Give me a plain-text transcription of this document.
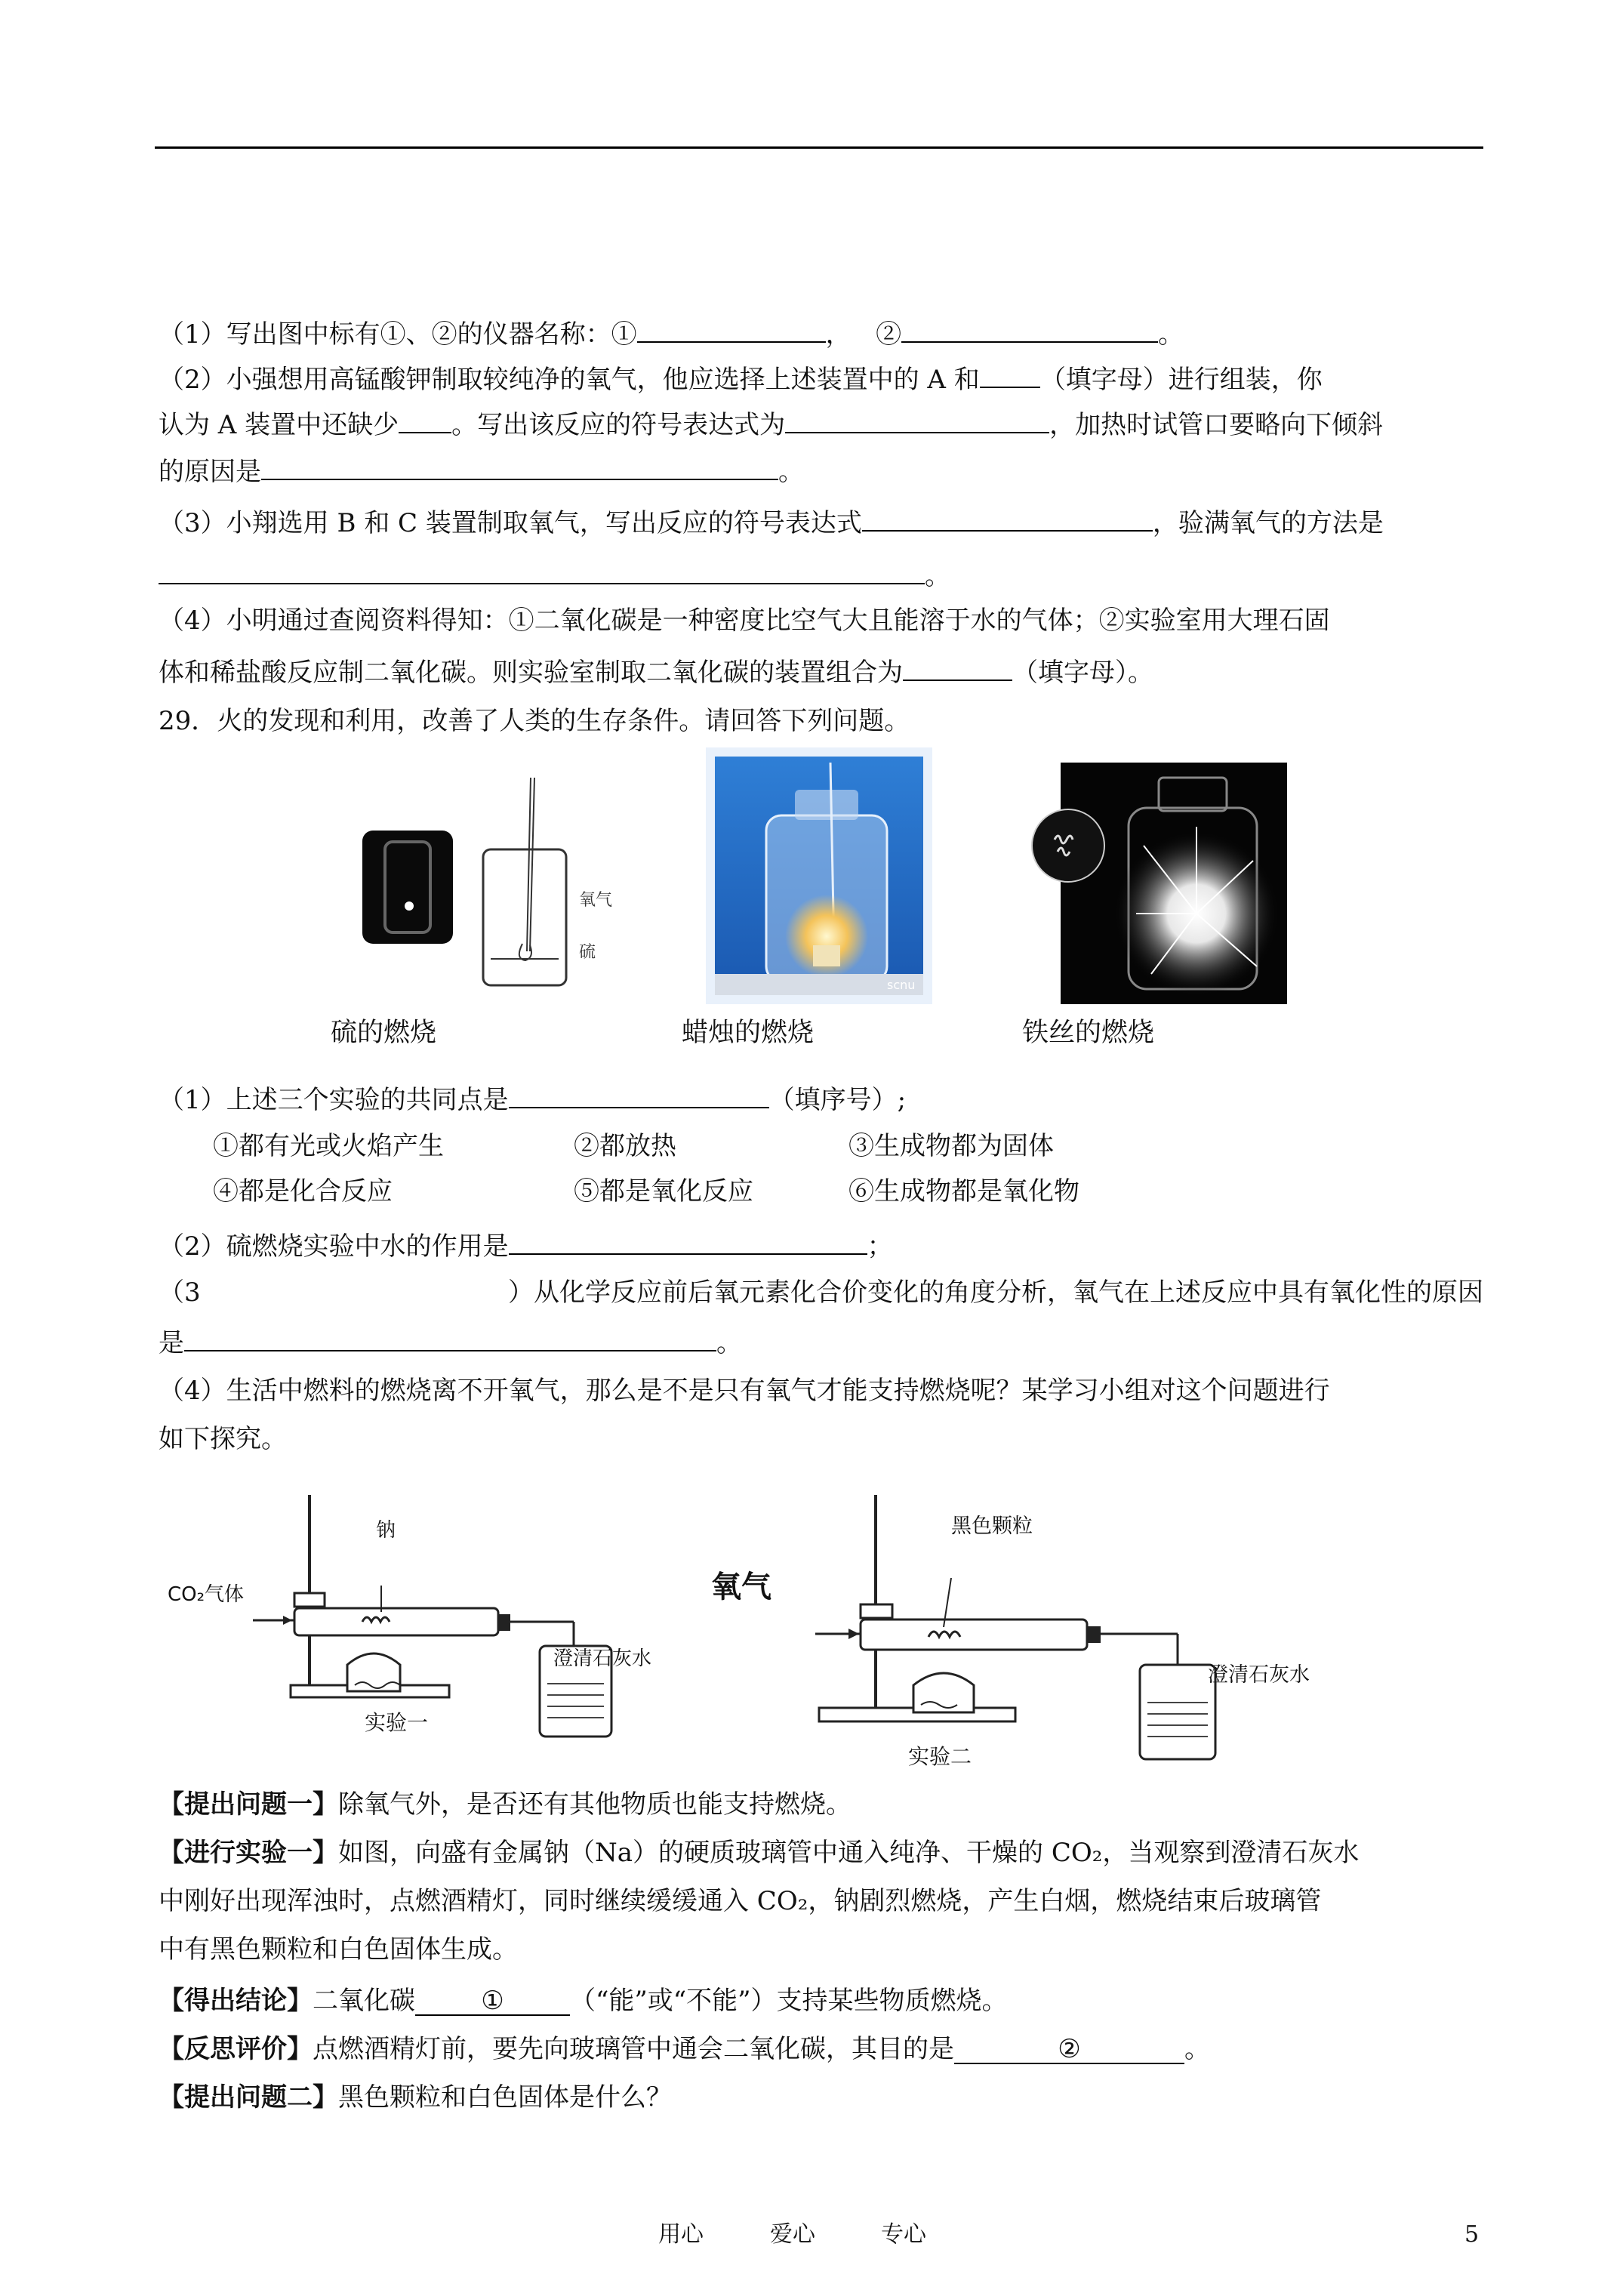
（1）写出图中标有①、②的仪器名称：①	， ②	。
（2）小强想用高锰酸钾制取较纯净的氧气，他应选择上述装置中的 A 和 （填字母）进行组装，你
认为 A 装置中还缺少 。写出该反应的符号表达式为	，加热时试管口要略向下倾斜
的原因是	。
（3）小翔选用 B 和 C 装置制取氧气，写出反应的符号表达式	，验满氧气的方法是
。
（4）小明通过查阅资料得知：①二氧化碳是一种密度比空气大且能溶于水的气体；②实验室用大理石固
体和稀盐酸反应制二氧化碳。则实验室制取二氧化碳的装置组合为	（填字母）。
29．火的发现和利用，改善了人类的生存条件。请回答下列问题。
氧气
硫
scnu
硫的燃烧	蜡烛的燃烧	铁丝的燃烧
（1）上述三个实验的共同点是	（填序号）;
①都有光或火焰产生	②都放热	③生成物都为固体
④都是化合反应	⑤都是氧化反应	⑥生成物都是氧化物
（2）硫燃烧实验中水的作用是	；
（3	）从化学反应前后氧元素化合价变化的角度分析，氧气在上述反应中具有氧化性的原因
是	。
（4）生活中燃料的燃烧离不开氧气，那么是不是只有氧气才能支持燃烧呢？某学习小组对这个问题进行
如下探究。
钠
CO₂气体
澄清石灰水
实验一
氧气
黑色颗粒
澄清石灰水
实验二
【提出问题一】除氧气外，是否还有其他物质也能支持燃烧。
【进行实验一】如图，向盛有金属钠（Na）的硬质玻璃管中通入纯净、干燥的 CO₂，当观察到澄清石灰水
中刚好出现浑浊时，点燃酒精灯，同时继续缓缓通入 CO₂，钠剧烈燃烧，产生白烟，燃烧结束后玻璃管
中有黑色颗粒和白色固体生成。
【得出结论】二氧化碳	①	（“能”或“不能”）支持某些物质燃烧。
【反思评价】点燃酒精灯前，要先向玻璃管中通会二氧化碳，其目的是	②	。
【提出问题二】黑色颗粒和白色固体是什么？
用心	爱心	专心	5
